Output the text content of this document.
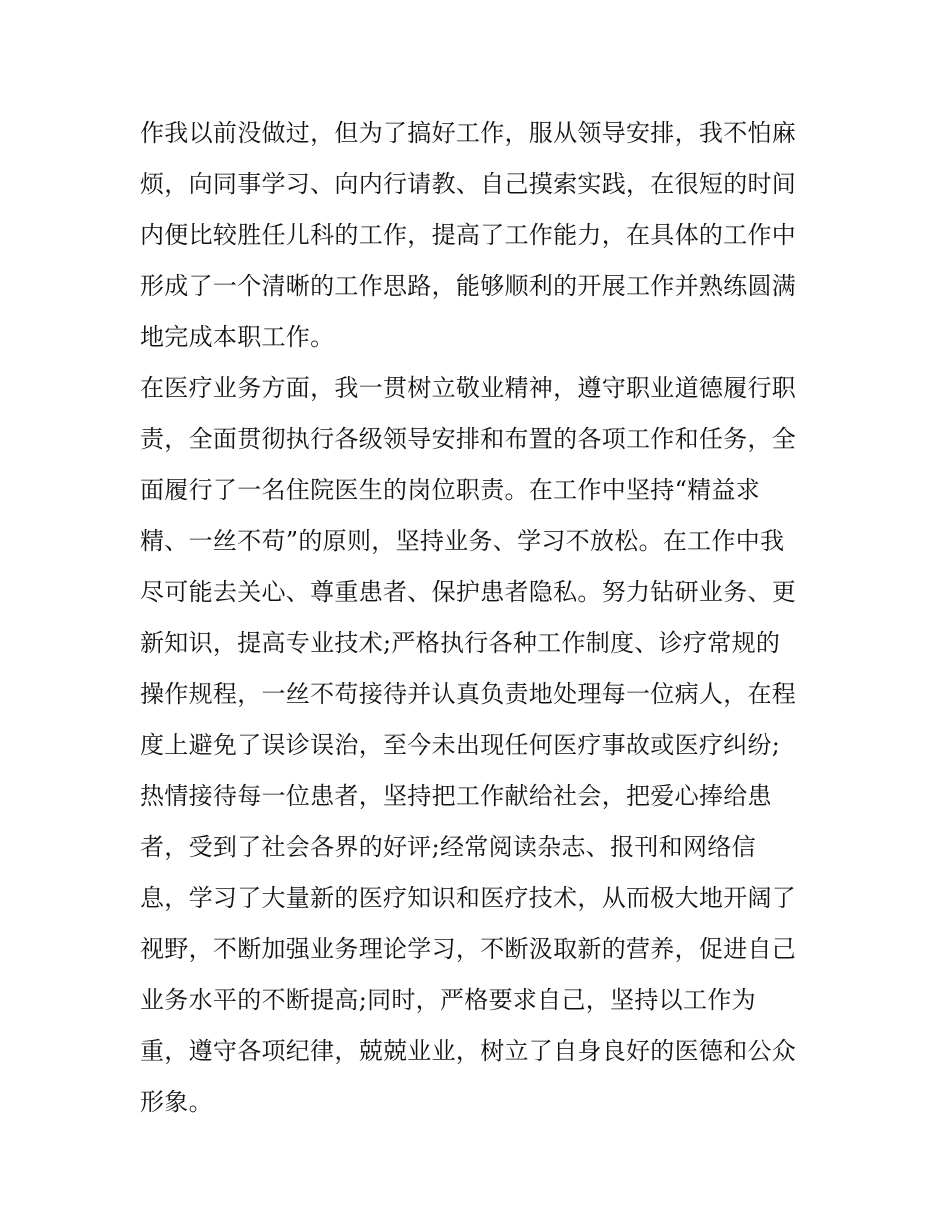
作我以前没做过，但为了搞好工作，服从领导安排，我不怕麻
烦，向同事学习、向内行请教、自己摸索实践，在很短的时间
内便比较胜任儿科的工作，提高了工作能力，在具体的工作中
形成了一个清晰的工作思路，能够顺利的开展工作并熟练圆满
地完成本职工作。

在医疗业务方面，我一贯树立敬业精神，遵守职业道德履行职
责，全面贯彻执行各级领导安排和布置的各项工作和任务，全
面履行了一名住院医生的岗位职责。在工作中坚持“精益求
精、一丝不苟”的原则，坚持业务、学习不放松。在工作中我
尽可能去关心、尊重患者、保护患者隐私。努力钻研业务、更
新知识，提高专业技术;严格执行各种工作制度、诊疗常规的
操作规程，一丝不苟接待并认真负责地处理每一位病人，在程
度上避免了误诊误治，至今未出现任何医疗事故或医疗纠纷;
热情接待每一位患者，坚持把工作献给社会，把爱心捧给患
者，受到了社会各界的好评;经常阅读杂志、报刊和网络信
息，学习了大量新的医疗知识和医疗技术，从而极大地开阔了
视野，不断加强业务理论学习，不断汲取新的营养，促进自己
业务水平的不断提高;同时，严格要求自己，坚持以工作为
重，遵守各项纪律，兢兢业业，树立了自身良好的医德和公众
形象。
